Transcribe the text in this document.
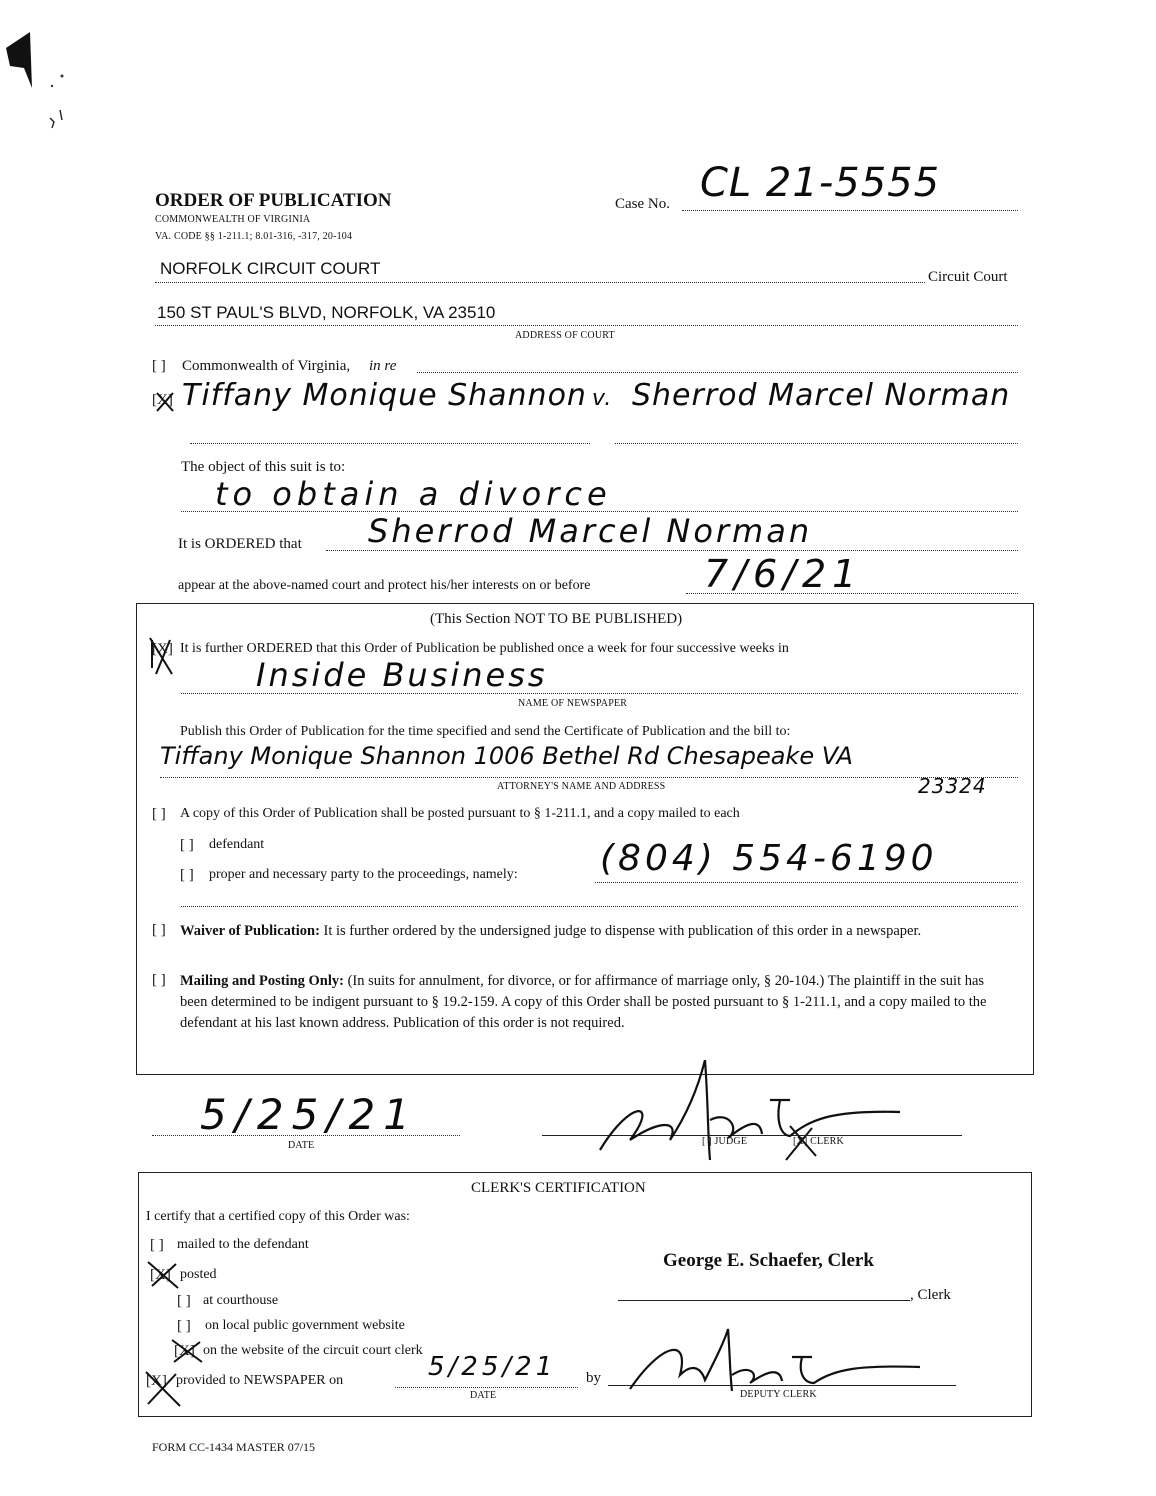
ORDER OF PUBLICATION
COMMONWEALTH OF VIRGINIA
VA. CODE §§ 1-211.1; 8.01-316, -317, 20-104
Case No. CL 21-5555
NORFOLK CIRCUIT COURT	Circuit Court
150 ST PAUL'S BLVD, NORFOLK, VA 23510
ADDRESS OF COURT
[ ] Commonwealth of Virginia, in re
[X] Tiffany Monique Shannon v. Sherrod Marcel Norman
The object of this suit is to:
to obtain a divorce
It is ORDERED that Sherrod Marcel Norman
appear at the above-named court and protect his/her interests on or before	7/6/21
(This Section NOT TO BE PUBLISHED)
[X] It is further ORDERED that this Order of Publication be published once a week for four successive weeks in
Inside Business
NAME OF NEWSPAPER
Publish this Order of Publication for the time specified and send the Certificate of Publication and the bill to:
Tiffany Monique Shannon 1006 Bethel Rd Chesapeake VA
23324
ATTORNEY'S NAME AND ADDRESS
[ ] A copy of this Order of Publication shall be posted pursuant to § 1-211.1, and a copy mailed to each
[ ] defendant
[ ] proper and necessary party to the proceedings, namely: (804) 554-6190
[ ] Waiver of Publication: It is further ordered by the undersigned judge to dispense with publication of this order in a newspaper.
[ ] Mailing and Posting Only: (In suits for annulment, for divorce, or for affirmance of marriage only, § 20-104.) The plaintiff in the suit has been determined to be indigent pursuant to § 19.2-159. A copy of this Order shall be posted pursuant to § 1-211.1, and a copy mailed to the defendant at his last known address. Publication of this order is not required.
5/25/21
DATE	[ ] JUDGE	[X] CLERK
CLERK'S CERTIFICATION
I certify that a certified copy of this Order was:
[ ] mailed to the defendant
[X] posted
[ ] at courthouse
[ ] on local public government website
[X] on the website of the circuit court clerk
[X] provided to NEWSPAPER on	5/25/21
DATE
by
DEPUTY CLERK
George E. Schaefer, Clerk
, Clerk
FORM CC-1434 MASTER 07/15
